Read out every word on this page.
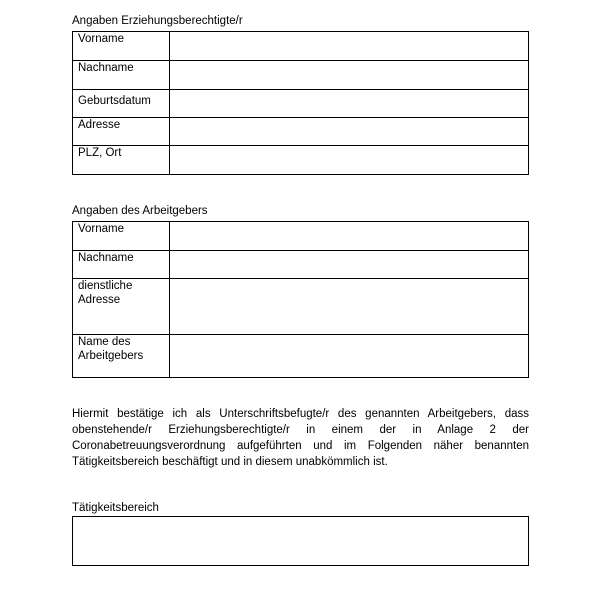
Angaben Erziehungsberechtigte/r
Vorname	
Nachname	
Geburtsdatum	
Adresse	
PLZ, Ort	
Angaben des Arbeitgebers
Vorname	
Nachname	

dienstliche
Adresse	

Name des
Arbeitgebers	

Hiermit bestätige ich als Unterschriftsbefugte/r des genannten Arbeitgebers, dass obenstehende/r Erziehungsberechtigte/r in einem der in Anlage 2 der Coronabetreuungsverordnung aufgeführten und im Folgenden näher benannten Tätigkeitsbereich beschäftigt und in diesem unabkömmlich ist.

Tätigkeitsbereich
